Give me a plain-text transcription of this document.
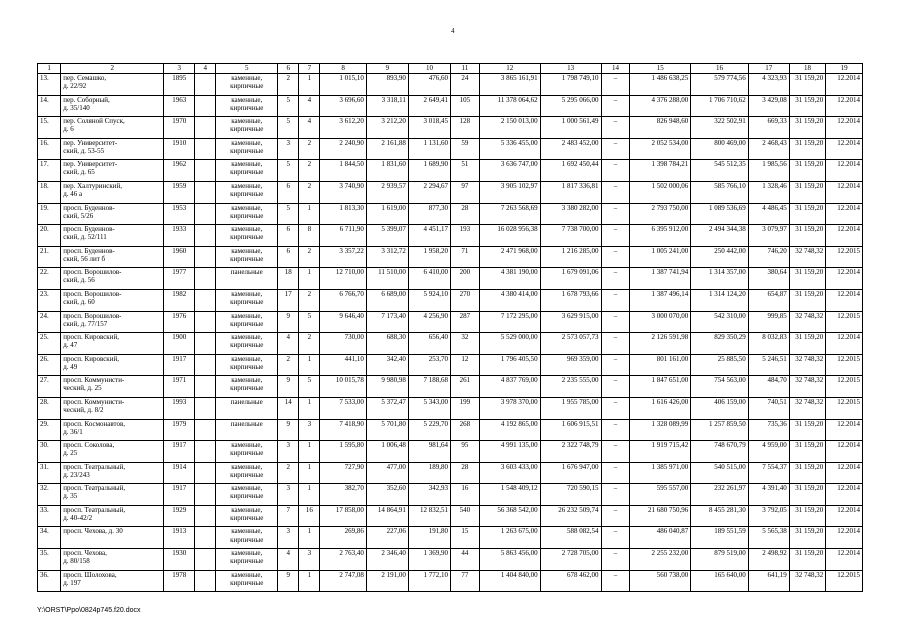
4
1	2	3	4	5	6	7	8	9	10	11	12	13	14	15	16	17	18	19
13.	пер. Семашко,
д. 22/92	1895		каменные,
кирпичные	2	1	1 015,10	893,90	476,60	24	3 865 161,91	1 798 749,10	–	1 486 638,25	579 774,56	4 323,93	31 159,20	12.2014
14.	пер. Соборный,
д. 35/140	1963		каменные,
кирпичные	5	4	3 696,60	3 318,11	2 649,41	105	11 378 064,62	5 295 066,00	–	4 376 288,00	1 706 710,62	3 429,08	31 159,20	12.2014
15.	пер. Соляной Спуск,
д. 6	1970		каменные,
кирпичные	5	4	3 612,20	3 212,20	3 018,45	128	2 150 013,00	1 000 561,49	–	826 948,60	322 502,91	669,33	31 159,20	12.2014
16.	пер. Университет-
ский, д. 53-55	1910		каменные,
кирпичные	3	2	2 240,90	2 161,88	1 131,60	59	5 336 455,00	2 483 452,00	–	2 052 534,00	800 469,00	2 468,43	31 159,20	12.2014
17.	пер. Университет-
ский, д. 65	1962		каменные,
кирпичные	5	2	1 844,50	1 831,60	1 689,90	51	3 636 747,00	1 692 450,44	–	1 398 784,21	545 512,35	1 985,56	31 159,20	12.2014
18.	пер. Халтуринский,
д. 46 а	1959		каменные,
кирпичные	6	2	3 740,90	2 939,57	2 294,67	97	3 905 102,97	1 817 336,81	–	1 502 000,06	585 766,10	1 328,46	31 159,20	12.2014
19.	просп. Буденнов-
ский, 5/26	1953		каменные,
кирпичные	5	1	1 813,30	1 619,00	877,30	28	7 263 568,69	3 380 282,00	–	2 793 750,00	1 089 536,69	4 486,45	31 159,20	12.2014
20.	просп. Буденнов-
ский, д. 52/111	1933		каменные,
кирпичные	6	8	6 711,90	5 399,07	4 451,17	193	16 028 956,38	7 738 700,00	–	6 395 912,00	2 494 344,38	3 079,97	31 159,20	12.2014
21.	просп. Буденнов-
ский, 56 лит б	1960		каменные,
кирпичные	6	2	3 357,22	3 312,72	1 958,20	71	2 471 968,00	1 216 285,00	–	1 005 241,00	250 442,00	746,20	32 748,32	12.2015
22.	просп. Ворошилов-
ский, д. 56	1977		панельные	18	1	12 710,00	11 510,00	6 410,00	200	4 381 190,00	1 679 091,06	–	1 387 741,94	1 314 357,00	380,64	31 159,20	12.2014
23.	просп. Ворошилов-
ский, д. 60	1982		каменные,
кирпичные	17	2	6 766,70	6 689,00	5 924,10	270	4 380 414,00	1 678 793,66	–	1 387 496,14	1 314 124,20	654,87	31 159,20	12.2014
24.	просп. Ворошилов-
ский, д. 77/157	1976		каменные,
кирпичные	9	5	9 646,40	7 173,40	4 256,90	287	7 172 295,00	3 629 915,00	–	3 000 070,00	542 310,00	999,85	32 748,32	12.2015
25.	просп. Кировский,
д. 47	1900		каменные,
кирпичные	4	2	730,00	688,30	656,40	32	5 529 000,00	2 573 057,73	–	2 126 591,98	829 350,29	8 032,83	31 159,20	12.2014
26.	просп. Кировский,
д. 49	1917		каменные,
кирпичные	2	1	441,10	342,40	253,70	12	1 796 405,50	969 359,00	–	801 161,00	25 885,50	5 246,51	32 748,32	12.2015
27.	просп. Коммунисти-
ческий, д. 25	1971		каменные,
кирпичные	9	5	10 015,78	9 980,98	7 188,68	261	4 837 769,00	2 235 555,00	–	1 847 651,00	754 563,00	484,70	32 748,32	12.2015
28.	просп. Коммунисти-
ческий, д. 8/2	1993		панельные	14	1	7 533,00	5 372,47	5 343,00	199	3 978 370,00	1 955 785,00	–	1 616 426,00	406 159,00	740,51	32 748,32	12.2015
29.	просп. Космонавтов,
д. 36/1	1979		панельные	9	3	7 418,90	5 701,80	5 229,70	268	4 192 865,00	1 606 915,51	–	1 328 089,99	1 257 859,50	735,36	31 159,20	12.2014
30.	просп. Соколова,
д. 25	1917		каменные,
кирпичные	3	1	1 595,80	1 006,48	981,64	95	4 991 135,00	2 322 748,79	–	1 919 715,42	748 670,79	4 959,00	31 159,20	12.2014
31.	просп. Театральный,
д. 23/243	1914		каменные,
кирпичные	2	1	727,90	477,00	189,80	28	3 603 433,00	1 676 947,00	–	1 385 971,00	540 515,00	7 554,37	31 159,20	12.2014
32.	просп. Театральный,
д. 35	1917		каменные,
кирпичные	3	1	382,70	352,60	342,93	16	1 548 409,12	720 590,15	–	595 557,00	232 261,97	4 391,40	31 159,20	12.2014
33.	просп. Театральный,
д. 40-42/2	1929		каменные,
кирпичные	7	16	17 858,00	14 864,91	12 832,51	540	56 368 542,00	26 232 509,74	–	21 680 750,96	8 455 281,30	3 792,05	31 159,20	12.2014
34.	просп. Чехова, д. 30	1913		каменные,
кирпичные	3	1	269,86	227,06	191,80	15	1 263 675,00	588 082,54	–	486 040,87	189 551,59	5 565,38	31 159,20	12.2014
35.	просп. Чехова,
д. 80/158	1930		каменные,
кирпичные	4	3	2 763,40	2 346,40	1 369,90	44	5 863 456,00	2 728 705,00	–	2 255 232,00	879 519,00	2 498,92	31 159,20	12.2014
36.	просп. Шолохова,
д. 197	1978		каменные,
кирпичные	9	1	2 747,08	2 191,00	1 772,10	77	1 404 840,00	678 462,00	–	560 738,00	165 640,00	641,19	32 748,32	12.2015
Y:\ORST\Ppo\0824p745.f20.docx
